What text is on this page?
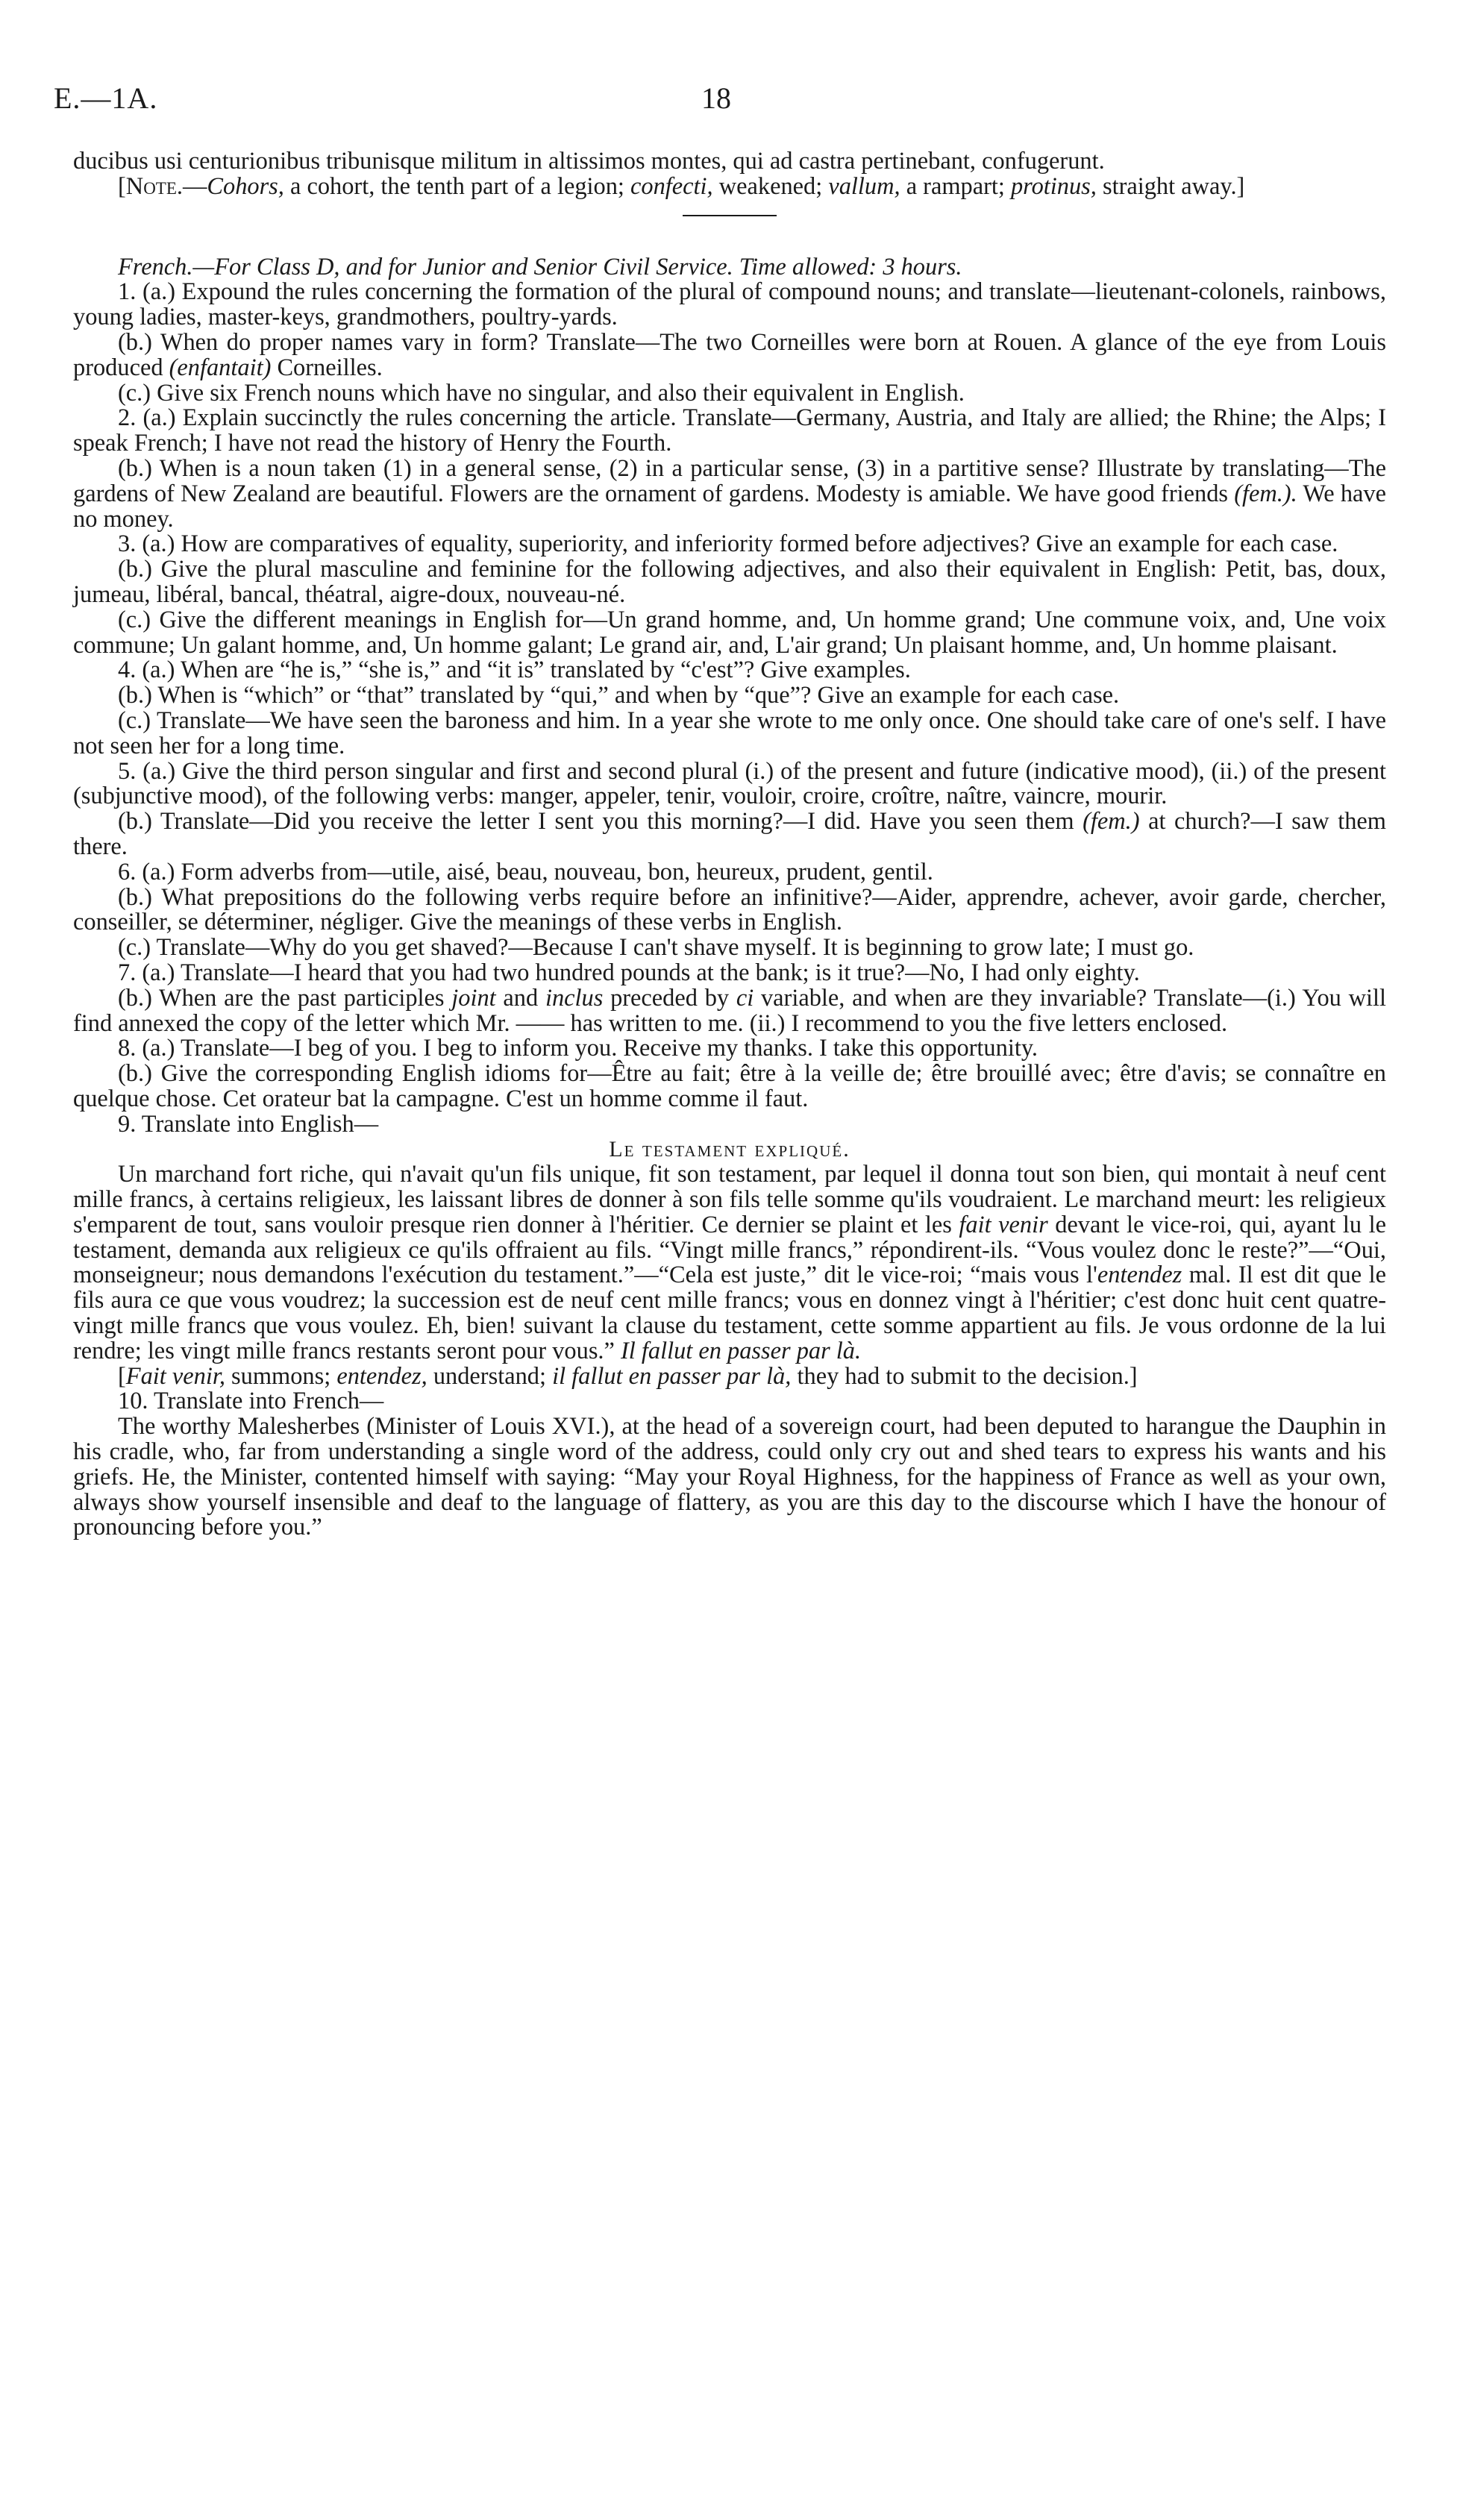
E.—1A.	18

ducibus usi centurionibus tribunisque militum in altissimos montes, qui ad castra pertinebant, confugerunt.

[Note.—Cohors, a cohort, the tenth part of a legion; confecti, weakened; vallum, a rampart; protinus, straight away.]

French.—For Class D, and for Junior and Senior Civil Service. Time allowed: 3 hours.

1. (a.) Expound the rules concerning the formation of the plural of compound nouns; and translate—lieutenant-colonels, rainbows, young ladies, master-keys, grandmothers, poultry-yards.

(b.) When do proper names vary in form? Translate—The two Corneilles were born at Rouen. A glance of the eye from Louis produced (enfantait) Corneilles.

(c.) Give six French nouns which have no singular, and also their equivalent in English.

2. (a.) Explain succinctly the rules concerning the article. Translate—Germany, Austria, and Italy are allied; the Rhine; the Alps; I speak French; I have not read the history of Henry the Fourth.

(b.) When is a noun taken (1) in a general sense, (2) in a particular sense, (3) in a partitive sense? Illustrate by translating—The gardens of New Zealand are beautiful. Flowers are the ornament of gardens. Modesty is amiable. We have good friends (fem.). We have no money.

3. (a.) How are comparatives of equality, superiority, and inferiority formed before adjectives? Give an example for each case.

(b.) Give the plural masculine and feminine for the following adjectives, and also their equivalent in English: Petit, bas, doux, jumeau, libéral, bancal, théatral, aigre-doux, nouveau-né.

(c.) Give the different meanings in English for—Un grand homme, and, Un homme grand; Une commune voix, and, Une voix commune; Un galant homme, and, Un homme galant; Le grand air, and, L'air grand; Un plaisant homme, and, Un homme plaisant.

4. (a.) When are “he is,” “she is,” and “it is” translated by “c'est”? Give examples.

(b.) When is “which” or “that” translated by “qui,” and when by “que”? Give an example for each case.

(c.) Translate—We have seen the baroness and him. In a year she wrote to me only once. One should take care of one's self. I have not seen her for a long time.

5. (a.) Give the third person singular and first and second plural (i.) of the present and future (indicative mood), (ii.) of the present (subjunctive mood), of the following verbs: manger, appeler, tenir, vouloir, croire, croître, naître, vaincre, mourir.

(b.) Translate—Did you receive the letter I sent you this morning?—I did. Have you seen them (fem.) at church?—I saw them there.

6. (a.) Form adverbs from—utile, aisé, beau, nouveau, bon, heureux, prudent, gentil.

(b.) What prepositions do the following verbs require before an infinitive?—Aider, apprendre, achever, avoir garde, chercher, conseiller, se déterminer, négliger. Give the meanings of these verbs in English.

(c.) Translate—Why do you get shaved?—Because I can't shave myself. It is beginning to grow late; I must go.

7. (a.) Translate—I heard that you had two hundred pounds at the bank; is it true?—No, I had only eighty.

(b.) When are the past participles joint and inclus preceded by ci variable, and when are they invariable? Translate—(i.) You will find annexed the copy of the letter which Mr. —— has written to me. (ii.) I recommend to you the five letters enclosed.

8. (a.) Translate—I beg of you. I beg to inform you. Receive my thanks. I take this opportunity.

(b.) Give the corresponding English idioms for—Être au fait; être à la veille de; être brouillé avec; être d'avis; se connaître en quelque chose. Cet orateur bat la campagne. C'est un homme comme il faut.

9. Translate into English—

Le testament expliqué.

Un marchand fort riche, qui n'avait qu'un fils unique, fit son testament, par lequel il donna tout son bien, qui montait à neuf cent mille francs, à certains religieux, les laissant libres de donner à son fils telle somme qu'ils voudraient. Le marchand meurt: les religieux s'emparent de tout, sans vouloir presque rien donner à l'héritier. Ce dernier se plaint et les fait venir devant le vice-roi, qui, ayant lu le testament, demanda aux religieux ce qu'ils offraient au fils. “Vingt mille francs,” répondirent-ils. “Vous voulez donc le reste?”—“Oui, monseigneur; nous demandons l'exécution du testament.”—“Cela est juste,” dit le vice-roi; “mais vous l'entendez mal. Il est dit que le fils aura ce que vous voudrez; la succession est de neuf cent mille francs; vous en donnez vingt à l'héritier; c'est donc huit cent quatre-vingt mille francs que vous voulez. Eh, bien! suivant la clause du testament, cette somme appartient au fils. Je vous ordonne de la lui rendre; les vingt mille francs restants seront pour vous.” Il fallut en passer par là.

[Fait venir, summons; entendez, understand; il fallut en passer par là, they had to submit to the decision.]

10. Translate into French—

The worthy Malesherbes (Minister of Louis XVI.), at the head of a sovereign court, had been deputed to harangue the Dauphin in his cradle, who, far from understanding a single word of the address, could only cry out and shed tears to express his wants and his griefs. He, the Minister, contented himself with saying: “May your Royal Highness, for the happiness of France as well as your own, always show yourself insensible and deaf to the language of flattery, as you are this day to the discourse which I have the honour of pronouncing before you.”
